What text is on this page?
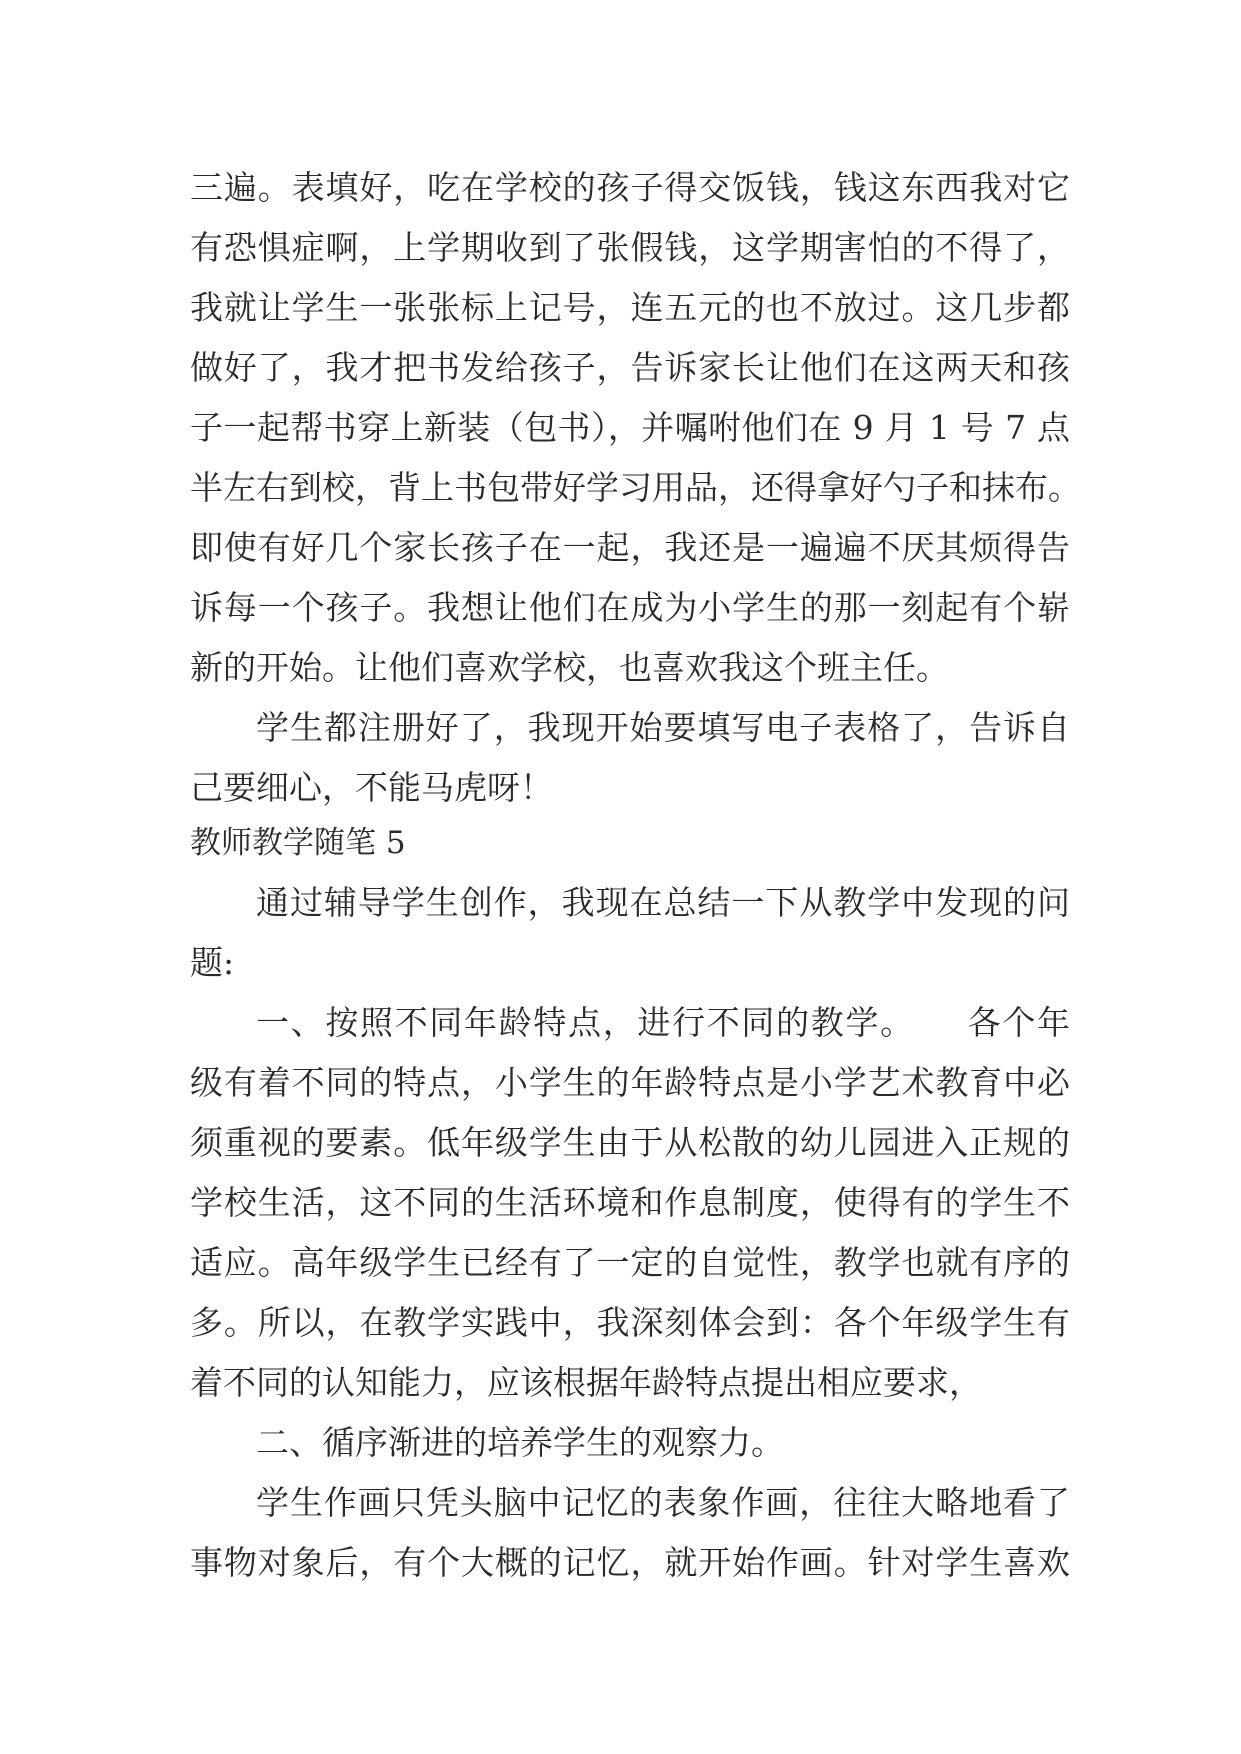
三遍。表填好，吃在学校的孩子得交饭钱，钱这东西我对它
有恐惧症啊，上学期收到了张假钱，这学期害怕的不得了，
我就让学生一张张标上记号，连五元的也不放过。这几步都
做好了，我才把书发给孩子，告诉家长让他们在这两天和孩
子一起帮书穿上新装（包书），并嘱咐他们在 9 月 1 号 7 点
半左右到校，背上书包带好学习用品，还得拿好勺子和抹布。
即使有好几个家长孩子在一起，我还是一遍遍不厌其烦得告
诉每一个孩子。我想让他们在成为小学生的那一刻起有个崭
新的开始。让他们喜欢学校，也喜欢我这个班主任。
学生都注册好了，我现开始要填写电子表格了，告诉自
己要细心，不能马虎呀！
教师教学随笔 5
通过辅导学生创作，我现在总结一下从教学中发现的问
题:
一、按照不同年龄特点，进行不同的教学。　　各个年
级有着不同的特点，小学生的年龄特点是小学艺术教育中必
须重视的要素。低年级学生由于从松散的幼儿园进入正规的
学校生活，这不同的生活环境和作息制度，使得有的学生不
适应。高年级学生已经有了一定的自觉性，教学也就有序的
多。所以，在教学实践中，我深刻体会到：各个年级学生有
着不同的认知能力，应该根据年龄特点提出相应要求，
二、循序渐进的培养学生的观察力。
学生作画只凭头脑中记忆的表象作画，往往大略地看了
事物对象后，有个大概的记忆，就开始作画。针对学生喜欢
